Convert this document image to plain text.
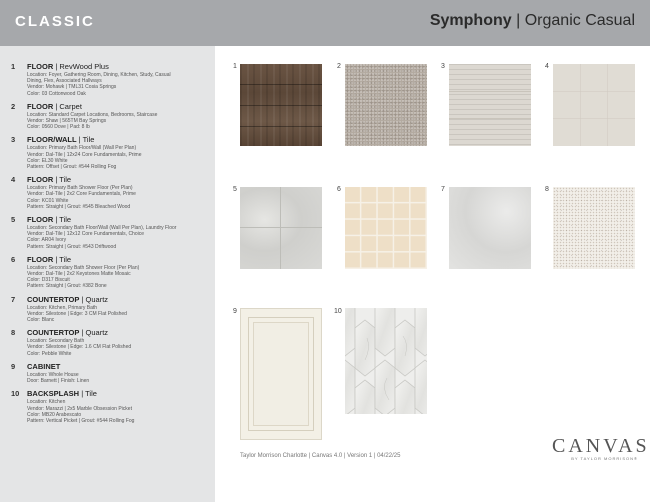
CLASSIC	Symphony | Organic Casual
1	FLOOR | RevWood Plus
Location: Foyer, Gathering Room, Dining, Kitchen, Study, Casual
Dining, Flex, Associated Hallways
Vendor: Mohawk | TML31 Cosia Springs
Color: 03 Cottonwood Oak
2	FLOOR | Carpet
Location: Standard Carpet Locations, Bedrooms, Staircase
Vendor: Shaw | 565TM Bay Springs
Color: 0560 Dove | Pad: 8 lb
3	FLOOR/WALL | Tile
Location: Primary Bath Floor/Wall (Wall Per Plan)
Vendor: Dal-Tile | 12x24 Core Fundamentals, Prime
Color: EL30 White
Pattern: Offset | Grout: #544 Rolling Fog
4	FLOOR | Tile
Location: Primary Bath Shower Floor (Per Plan)
Vendor: Dal-Tile | 2x2 Core Fundamentals, Prime
Color: KC01 White
Pattern: Straight | Grout: #545 Bleached Wood
5	FLOOR | Tile
Location: Secondary Bath Floor/Wall (Wall Per Plan), Laundry Floor
Vendor: Dal-Tile | 12x12 Core Fundamentals, Choice
Color: AR04 Ivory
Pattern: Straight | Grout: #543 Driftwood
6	FLOOR | Tile
Location: Secondary Bath Shower Floor (Per Plan)
Vendor: Dal-Tile | 2x2 Keystones Matte Mosaic
Color: D317 Biscuit
Pattern: Straight | Grout: #382 Bone
7	COUNTERTOP | Quartz
Location: Kitchen, Primary Bath
Vendor: Silestone | Edge: 3 CM Flat Polished
Color: Blanc
8	COUNTERTOP | Quartz
Location: Secondary Bath
Vendor: Silestone | Edge: 1.6 CM Flat Polished
Color: Pebble White
9	CABINET
Location: Whole House
Door: Barnett | Finish: Linen
10	BACKSPLASH | Tile
Location: Kitchen
Vendor: Marazzi | 2x5 Marble Obsession Picket
Color: MB20 Arabescato
Pattern: Vertical Picket | Grout: #544 Rolling Fog
1	2	3	4
5	6	7	8
9	10
Taylor Morrison Charlotte | Canvas 4.0 | Version 1 | 04/22/25	CANVAS
BY TAYLOR MORRISON®
